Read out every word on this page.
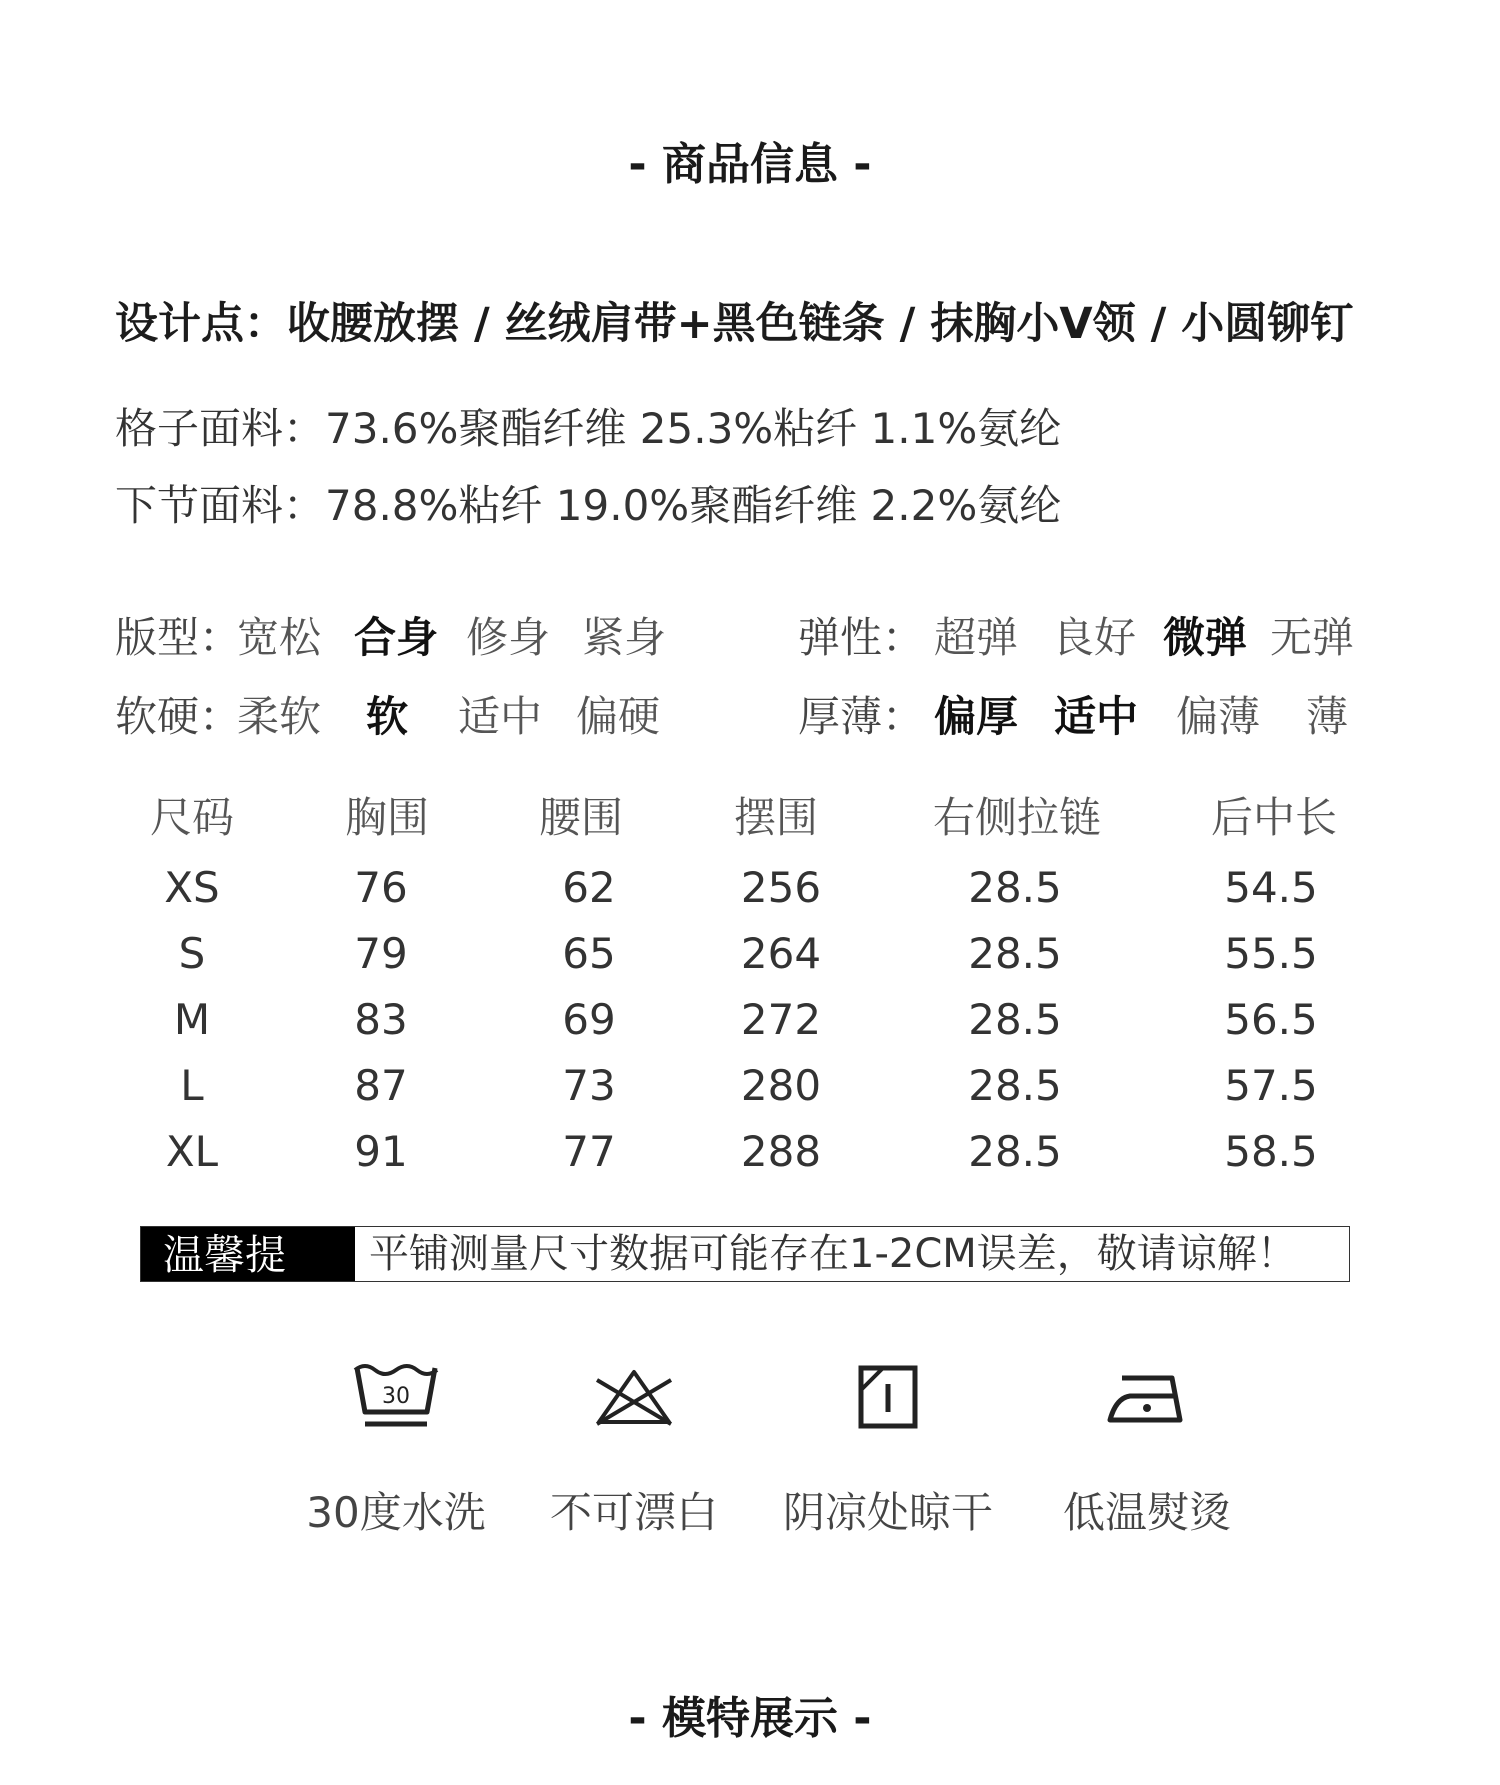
- 商品信息 -
设计点：收腰放摆 / 丝绒肩带+黑色链条 / 抹胸小V领 / 小圆铆钉
格子面料：73.6%聚酯纤维 25.3%粘纤 1.1%氨纶
下节面料：78.8%粘纤 19.0%聚酯纤维 2.2%氨纶
版型：
宽松 合身 修身 紧身	弹性： 超弹 良好 微弹 无弹
软硬：
柔软 软 适中 偏硬	厚薄： 偏厚 适中 偏薄 薄
尺码	胸围	腰围	摆围	右侧拉链	后中长
XS	76	62	256	28.5	54.5
S	79	65	264	28.5	55.5
M	83	69	272	28.5	56.5
L	87	73	280	28.5	57.5
XL	91	77	288	28.5	58.5
温馨提示：
平铺测量尺寸数据可能存在1-2CM误差，敬请谅解！
30
30度水洗	不可漂白	阴凉处晾干	低温熨烫
- 模特展示 -
